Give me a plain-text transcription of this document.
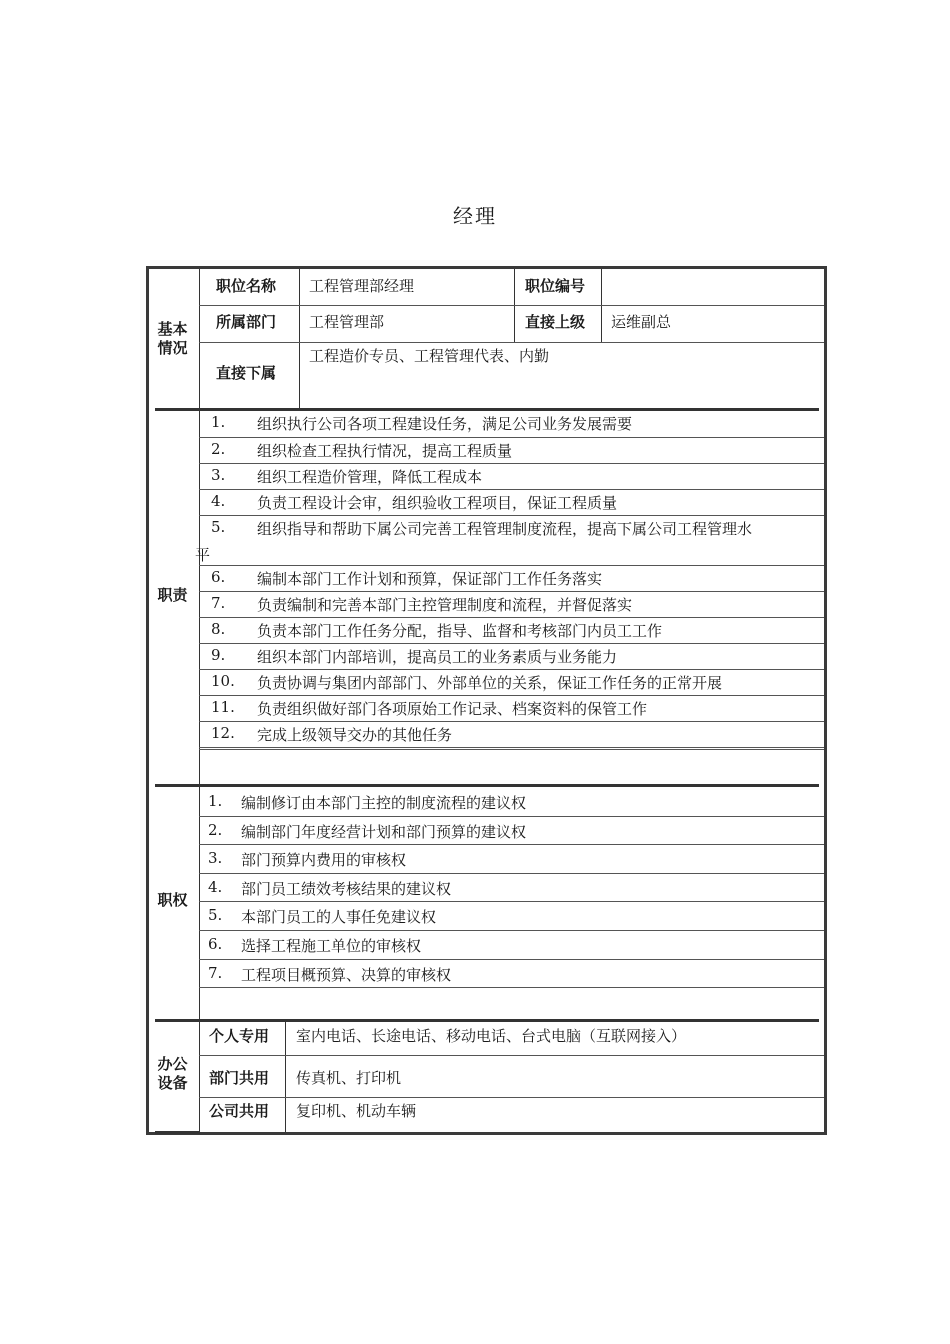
经理
基本
情况
职位名称 工程管理部经理	职位编号
所属部门 工程管理部	直接上级 运维副总
直接下属
工程造价专员、工程管理代表、内勤
职责
1. 组织执行公司各项工程建设任务，满足公司业务发展需要
2. 组织检查工程执行情况，提高工程质量
3. 组织工程造价管理，降低工程成本
4. 负责工程设计会审，组织验收工程项目，保证工程质量
5. 组织指导和帮助下属公司完善工程管理制度流程，提高下属公司工程管理水
平
6. 编制本部门工作计划和预算，保证部门工作任务落实
7. 负责编制和完善本部门主控管理制度和流程，并督促落实
8. 负责本部门工作任务分配，指导、监督和考核部门内员工工作
9. 组织本部门内部培训，提高员工的业务素质与业务能力
10. 负责协调与集团内部部门、外部单位的关系，保证工作任务的正常开展
11. 负责组织做好部门各项原始工作记录、档案资料的保管工作
12. 完成上级领导交办的其他任务
职权
1. 编制修订由本部门主控的制度流程的建议权
2. 编制部门年度经营计划和部门预算的建议权
3. 部门预算内费用的审核权
4. 部门员工绩效考核结果的建议权
5. 本部门员工的人事任免建议权
6. 选择工程施工单位的审核权
7. 工程项目概预算、决算的审核权
办公
设备
个人专用 室内电话、长途电话、移动电话、台式电脑（互联网接入）
部门共用 传真机、打印机
公司共用 复印机、机动车辆
